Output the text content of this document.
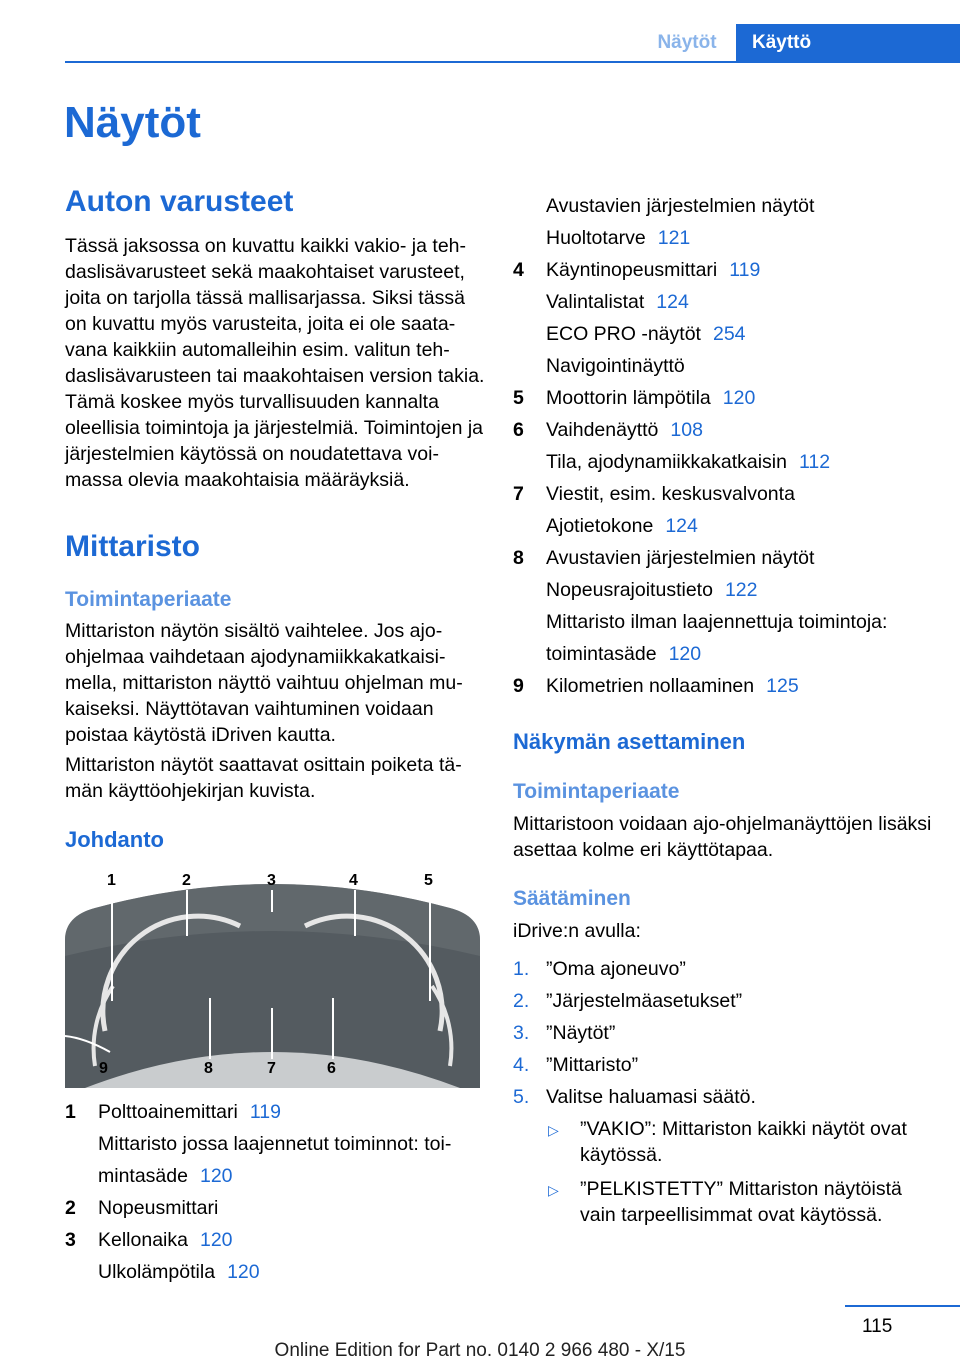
Näytöt	Käyttö
Näytöt
Auton varusteet

Tässä jaksossa on kuvattu kaikki vakio- ja tehdaslisävarusteet sekä maakohtaiset varusteet, joita on tarjolla tässä mallisarjassa. Siksi tässä on kuvattu myös varusteita, joita ei ole saatavana kaikkiin automalleihin esim. valitun tehdaslisävarusteen tai maakohtaisen version takia. Tämä koskee myös turvallisuuden kannalta oleellisia toimintoja ja järjestelmiä. Toimintojen ja järjestelmien käytössä on noudatettava voimassa olevia maakohtaisia määräyksiä.

Mittaristo
Toimintaperiaate

Mittariston näytön sisältö vaihtelee. Jos ajoohjelmaa vaihdetaan ajodynamiikkakatkaisimella, mittariston näyttö vaihtuu ohjelman mukaiseksi. Näyttötavan vaihtuminen voidaan poistaa käytöstä iDriven kautta.

Mittariston näytöt saattavat osittain poiketa tämän käyttöohjekirjan kuvista.

Johdanto
1	2	3	4	5
9	8	7	6
1 Polttoainemittari 119
Mittaristo jossa laajennetut toiminnot: toimintasäde 120
2 Nopeusmittari
3 Kellonaika 120
Ulkolämpötila 120
Avustavien järjestelmien näytöt
Huoltotarve 121
4 Käyntinopeusmittari 119
Valintalistat 124
ECO PRO -näytöt 254
Navigointinäyttö
5 Moottorin lämpötila 120
6 Vaihdenäyttö 108
Tila, ajodynamiikkakatkaisin 112
7 Viestit, esim. keskusvalvonta
Ajotietokone 124
8 Avustavien järjestelmien näytöt
Nopeusrajoitustieto 122
Mittaristo ilman laajennettuja toimintoja: toimintasäde 120
9 Kilometrien nollaaminen 125
Näkymän asettaminen
Toimintaperiaate

Mittaristoon voidaan ajo-ohjelmanäyttöjen lisäksi asettaa kolme eri käyttötapaa.

Säätäminen

iDrive:n avulla:

1. ”Oma ajoneuvo”
2. ”Järjestelmäasetukset”
3. ”Näytöt”
4. ”Mittaristo”
5. Valitse haluamasi säätö.
▷ ”VAKIO”: Mittariston kaikki näytöt ovat käytössä.
▷ ”PELKISTETTY” Mittariston näytöistä vain tarpeellisimmat ovat käytössä.
115
Online Edition for Part no. 0140 2 966 480 - X/15
